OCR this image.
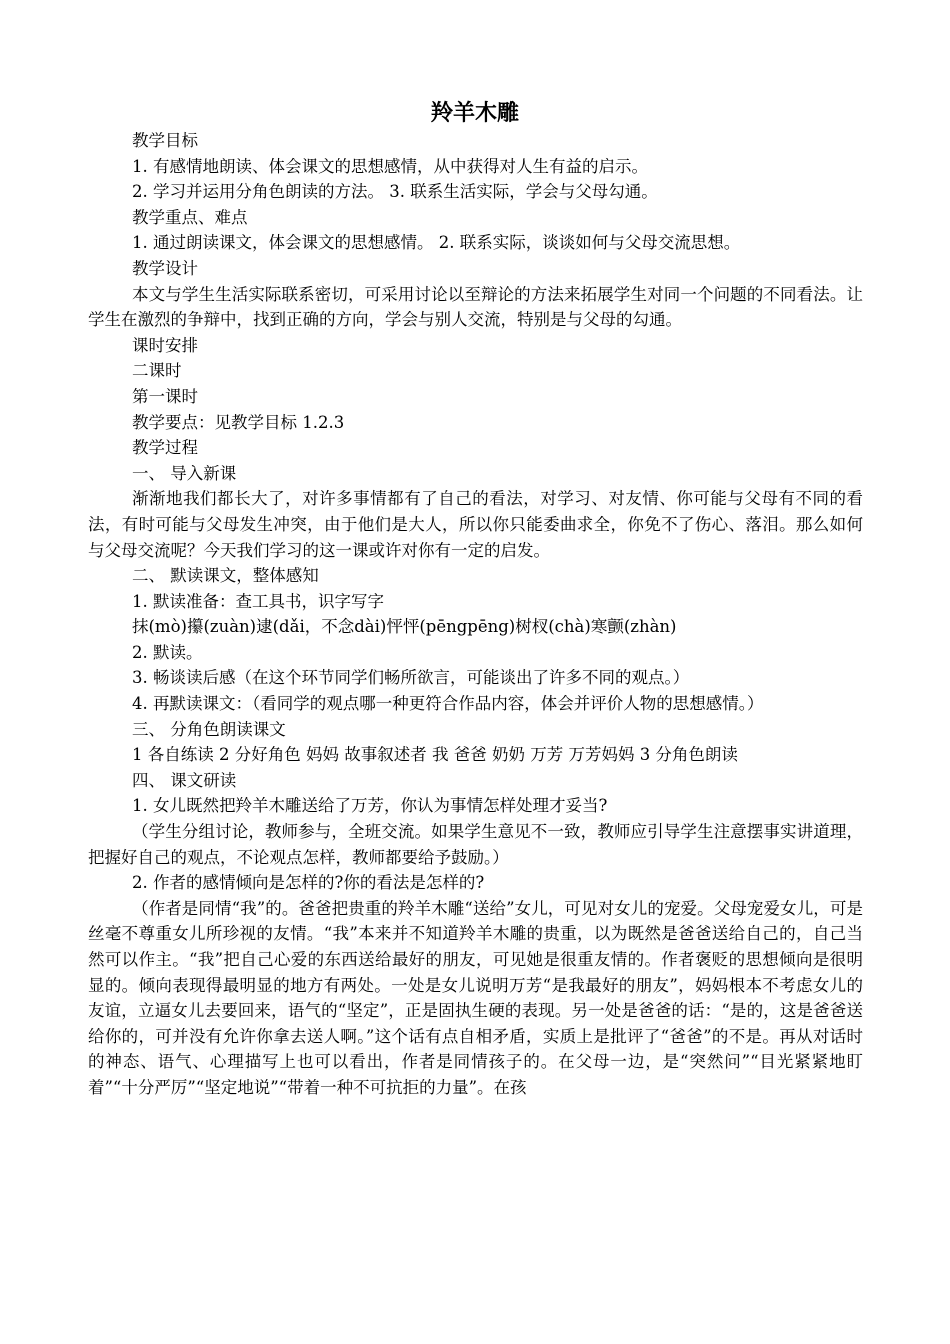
羚羊木雕

教学目标

1. 有感情地朗读、体会课文的思想感情，从中获得对人生有益的启示。

2. 学习并运用分角色朗读的方法。 3. 联系生活实际，学会与父母勾通。

教学重点、难点

1. 通过朗读课文，体会课文的思想感情。 2. 联系实际，谈谈如何与父母交流思想。

教学设计

本文与学生生活实际联系密切，可采用讨论以至辩论的方法来拓展学生对同一个问题的不同看法。让学生在激烈的争辩中，找到正确的方向，学会与别人交流，特别是与父母的勾通。

课时安排

二课时

第一课时

教学要点：见教学目标 1.2.3

教学过程

一、 导入新课

渐渐地我们都长大了，对许多事情都有了自己的看法，对学习、对友情、你可能与父母有不同的看法，有时可能与父母发生冲突，由于他们是大人，所以你只能委曲求全，你免不了伤心、落泪。那么如何与父母交流呢？今天我们学习的这一课或许对你有一定的启发。

二、 默读课文，整体感知

1. 默读准备：查工具书，识字写字

抹(mò)攥(zuàn)逮(dǎi，不念dài)怦怦(pēngpēng)树杈(chà)寒颤(zhàn)

2. 默读。

3. 畅谈读后感（在这个环节同学们畅所欲言，可能谈出了许多不同的观点。）

4. 再默读课文：（看同学的观点哪一种更符合作品内容，体会并评价人物的思想感情。）

三、 分角色朗读课文

1 各自练读 2 分好角色 妈妈 故事叙述者 我 爸爸 奶奶 万芳 万芳妈妈 3 分角色朗读

四、 课文研读

1. 女儿既然把羚羊木雕送给了万芳，你认为事情怎样处理才妥当?

（学生分组讨论，教师参与，全班交流。如果学生意见不一致，教师应引导学生注意摆事实讲道理，把握好自己的观点，不论观点怎样，教师都要给予鼓励。）

2. 作者的感情倾向是怎样的?你的看法是怎样的?

（作者是同情“我”的。爸爸把贵重的羚羊木雕“送给”女儿，可见对女儿的宠爱。父母宠爱女儿，可是丝毫不尊重女儿所珍视的友情。“我”本来并不知道羚羊木雕的贵重，以为既然是爸爸送给自己的，自己当然可以作主。“我”把自己心爱的东西送给最好的朋友，可见她是很重友情的。作者褒贬的思想倾向是很明显的。倾向表现得最明显的地方有两处。一处是女儿说明万芳“是我最好的朋友”，妈妈根本不考虑女儿的友谊，立逼女儿去要回来，语气的“坚定”，正是固执生硬的表现。另一处是爸爸的话：“是的，这是爸爸送给你的，可并没有允许你拿去送人啊。”这个话有点自相矛盾，实质上是批评了“爸爸”的不是。再从对话时的神态、语气、心理描写上也可以看出，作者是同情孩子的。在父母一边，是“突然问”“目光紧紧地盯着”“十分严厉”“坚定地说”“带着一种不可抗拒的力量”。在孩
